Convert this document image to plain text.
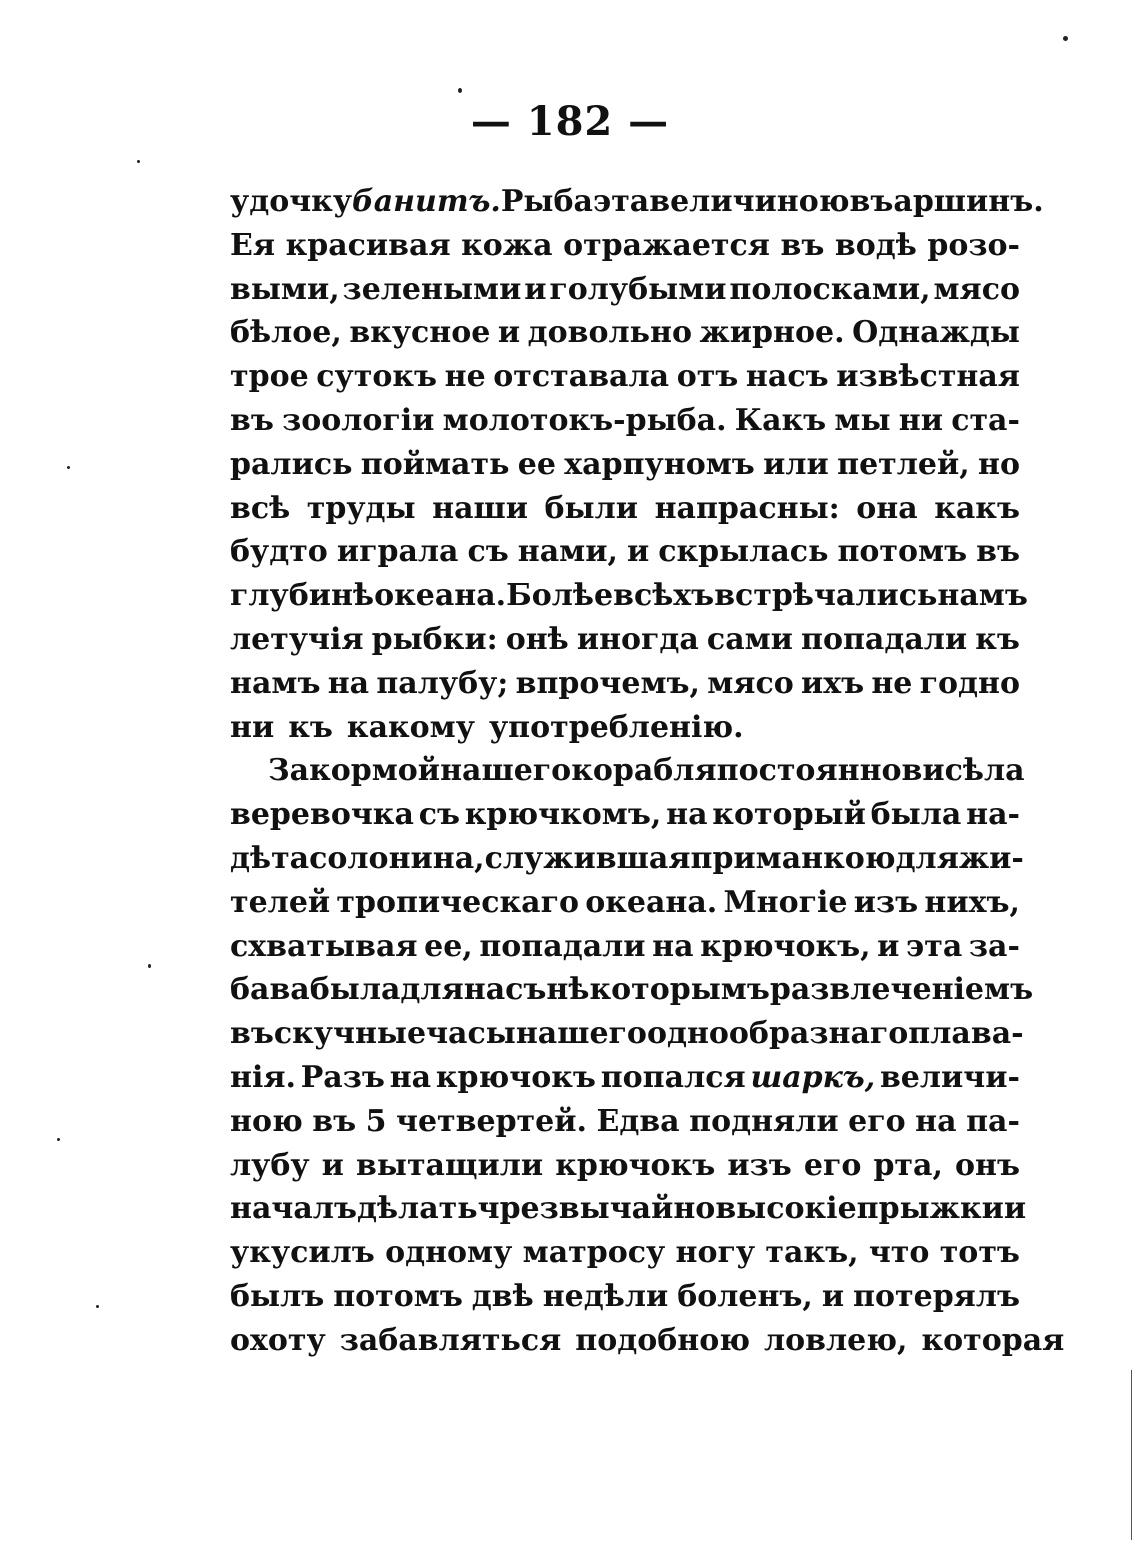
— 182 —
удочку банитъ. Рыба эта величиною въ аршинъ.
Ея красивая кожа отражается въ водѣ розо-
выми, зелеными и голубыми полосками, мясо
бѣлое, вкусное и довольно жирное. Однажды
трое сутокъ не отставала отъ насъ извѣстная
въ зоологіи молотокъ-рыба. Какъ мы ни ста-
рались поймать ее харпуномъ или петлей, но
всѣ труды наши были напрасны: она какъ
будто играла съ нами, и скрылась потомъ въ
глубинѣ океана. Болѣе всѣхъ встрѣчались намъ
летучія рыбки: онѣ иногда сами попадали къ
намъ на палубу; впрочемъ, мясо ихъ не годно
ни къ какому употребленію.
За кормой нашего корабля постоянно висѣла
веревочка съ крючкомъ, на который была на-
дѣта солонина, служившая приманкою для жи-
телей тропическаго океана. Многіе изъ нихъ,
схватывая ее, попадали на крючокъ, и эта за-
бава была для насъ нѣкоторымъ развлеченіемъ
въ скучные часы нашего однообразнаго плава-
нія. Разъ на крючокъ попался шаркъ, величи-
ною въ 5 четвертей. Едва подняли его на па-
лубу и вытащили крючокъ изъ его рта, онъ
началъ дѣлать чрезвычайно высокіе прыжки и
укусилъ одному матросу ногу такъ, что тотъ
былъ потомъ двѣ недѣли боленъ, и потерялъ
охоту забавляться подобною ловлею, которая
